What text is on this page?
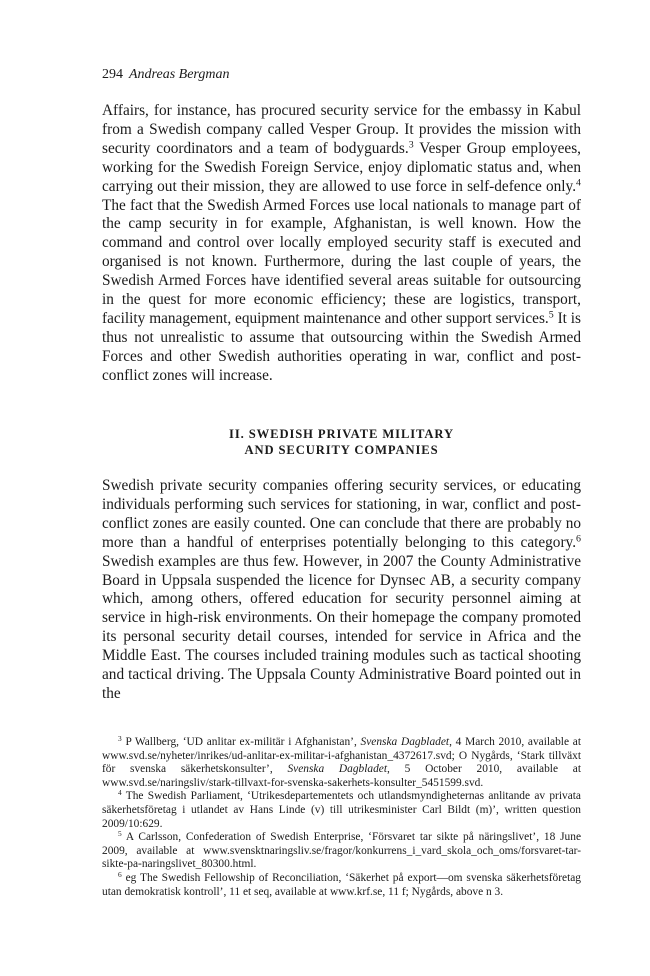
294 Andreas Bergman

Affairs, for instance, has procured security service for the embassy in Kabul from a Swedish company called Vesper Group. It provides the mission with security coordinators and a team of bodyguards.$^3$ Vesper Group employees, working for the Swedish Foreign Service, enjoy diplomatic status and, when carrying out their mission, they are allowed to use force in self-defence only.$^4$ The fact that the Swedish Armed Forces use local nationals to manage part of the camp security in for example, Afghanistan, is well known. How the command and control over locally employed security staff is executed and organised is not known. Furthermore, during the last couple of years, the Swedish Armed Forces have identified several areas suitable for outsourcing in the quest for more economic efficiency; these are logistics, transport, facility management, equipment maintenance and other support services.$^5$ It is thus not unrealistic to assume that outsourcing within the Swedish Armed Forces and other Swedish authorities operating in war, conflict and post-conflict zones will increase.

II. SWEDISH PRIVATE MILITARY
AND SECURITY COMPANIES

Swedish private security companies offering security services, or educating individuals performing such services for stationing, in war, conflict and post-conflict zones are easily counted. One can conclude that there are probably no more than a handful of enterprises potentially belonging to this category.$^6$ Swedish examples are thus few. However, in 2007 the County Administrative Board in Uppsala suspended the licence for Dynsec AB, a security company which, among others, offered education for security personnel aiming at service in high-risk environments. On their homepage the company promoted its personal security detail courses, intended for service in Africa and the Middle East. The courses included training modules such as tactical shooting and tactical driving. The Uppsala County Administrative Board pointed out in the

$^3$ P Wallberg, ‘UD anlitar ex-militär i Afghanistan’, Svenska Dagbladet, 4 March 2010, available at www.svd.se/nyheter/inrikes/ud-anlitar-ex-militar-i-afghanistan_4372617.svd; O Nygårds, ‘Stark tillväxt för svenska säkerhetskonsulter’, Svenska Dagbladet, 5 October 2010, available at www.svd.se/naringsliv/stark-tillvaxt-for-svenska-sakerhets-konsulter_5451599.svd.

$^4$ The Swedish Parliament, ‘Utrikesdepartementets och utlandsmyndigheternas anlitande av privata säkerhetsföretag i utlandet av Hans Linde (v) till utrikesminister Carl Bildt (m)’, written question 2009/10:629.

$^5$ A Carlsson, Confederation of Swedish Enterprise, ‘Försvaret tar sikte på näringslivet’, 18 June 2009, available at www.svensktnaringsliv.se/fragor/konkurrens_i_vard_skola_och_oms/forsvaret-tar-sikte-pa-naringslivet_80300.html.

$^6$ eg The Swedish Fellowship of Reconciliation, ‘Säkerhet på export—om svenska säkerhetsföretag utan demokratisk kontroll’, 11 et seq, available at www.krf.se, 11 f; Nygårds, above n 3.
